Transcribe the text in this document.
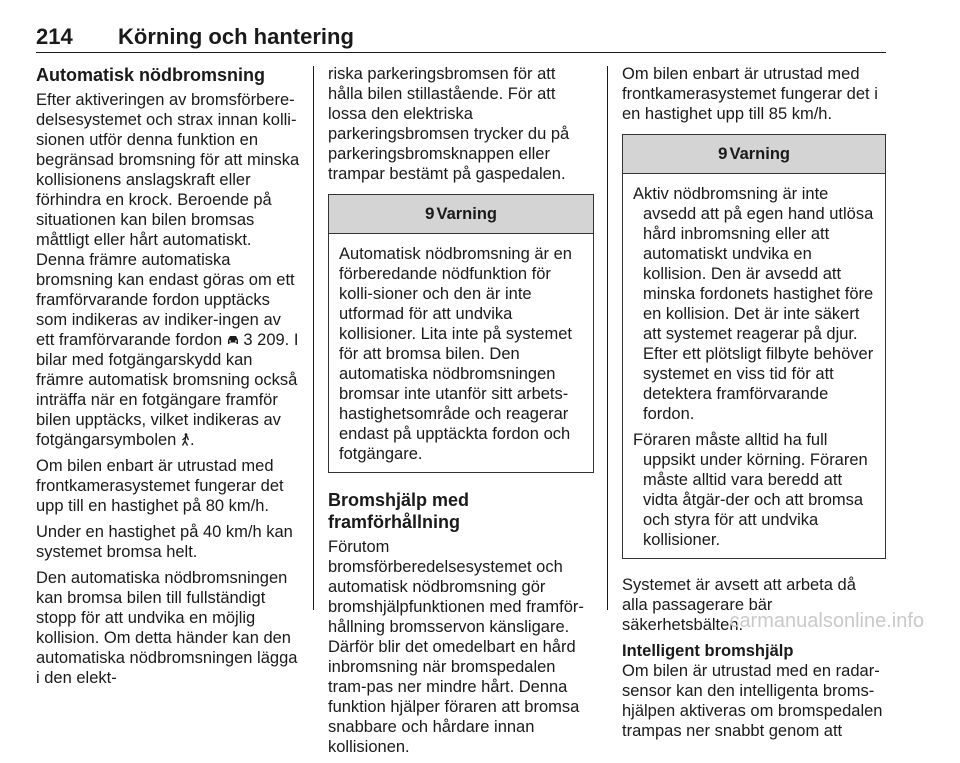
214 Körning och hantering
Automatisk nödbromsning

Efter aktiveringen av bromsförbere-delsesystemet och strax innan kolli-sionen utför denna funktion en begränsad bromsning för att minska kollisionens anslagskraft eller förhindra en krock. Beroende på situationen kan bilen bromsas måttligt eller hårt automatiskt. Denna främre automatiska bromsning kan endast göras om ett framförvarande fordon upptäcks som indikeras av indiker-ingen av ett framförvarande fordon 3 209. I bilar med fotgängarskydd kan främre automatisk bromsning också inträffa när en fotgängare framför bilen upptäcks, vilket indikeras av fotgängarsymbolen .

Om bilen enbart är utrustad med frontkamerasystemet fungerar det upp till en hastighet på 80 km/h.

Under en hastighet på 40 km/h kan systemet bromsa helt.

Den automatiska nödbromsningen kan bromsa bilen till fullständigt stopp för att undvika en möjlig kollision. Om detta händer kan den automatiska nödbromsningen lägga i den elekt-

riska parkeringsbromsen för att hålla bilen stillastående. För att lossa den elektriska parkeringsbromsen trycker du på parkeringsbromsknappen eller trampar bestämt på gaspedalen.

9 Varning

Automatisk nödbromsning är en förberedande nödfunktion för kolli-sioner och den är inte utformad för att undvika kollisioner. Lita inte på systemet för att bromsa bilen. Den automatiska nödbromsningen bromsar inte utanför sitt arbets-hastighetsområde och reagerar endast på upptäckta fordon och fotgängare.

Bromshjälp med framförhållning

Förutom bromsförberedelsesystemet och automatisk nödbromsning gör bromshjälpfunktionen med framför-hållning bromsservon känsligare. Därför blir det omedelbart en hård inbromsning när bromspedalen tram-pas ner mindre hårt. Denna funktion hjälper föraren att bromsa snabbare och hårdare innan kollisionen.

Om bilen enbart är utrustad med frontkamerasystemet fungerar det i en hastighet upp till 85 km/h.

9 Varning

Aktiv nödbromsning är inte avsedd att på egen hand utlösa hård inbromsning eller att automatiskt undvika en kollision. Den är avsedd att minska fordonets hastighet före en kollision. Det är inte säkert att systemet reagerar på djur. Efter ett plötsligt filbyte behöver systemet en viss tid för att detektera framförvarande fordon.

Föraren måste alltid ha full uppsikt under körning. Föraren måste alltid vara beredd att vidta åtgär-der och att bromsa och styra för att undvika kollisioner.

Systemet är avsett att arbeta då alla passagerare bär säkerhetsbälten.

Intelligent bromshjälp

Om bilen är utrustad med en radar-sensor kan den intelligenta broms-hjälpen aktiveras om bromspedalen trampas ner snabbt genom att

carmanualsonline.info
